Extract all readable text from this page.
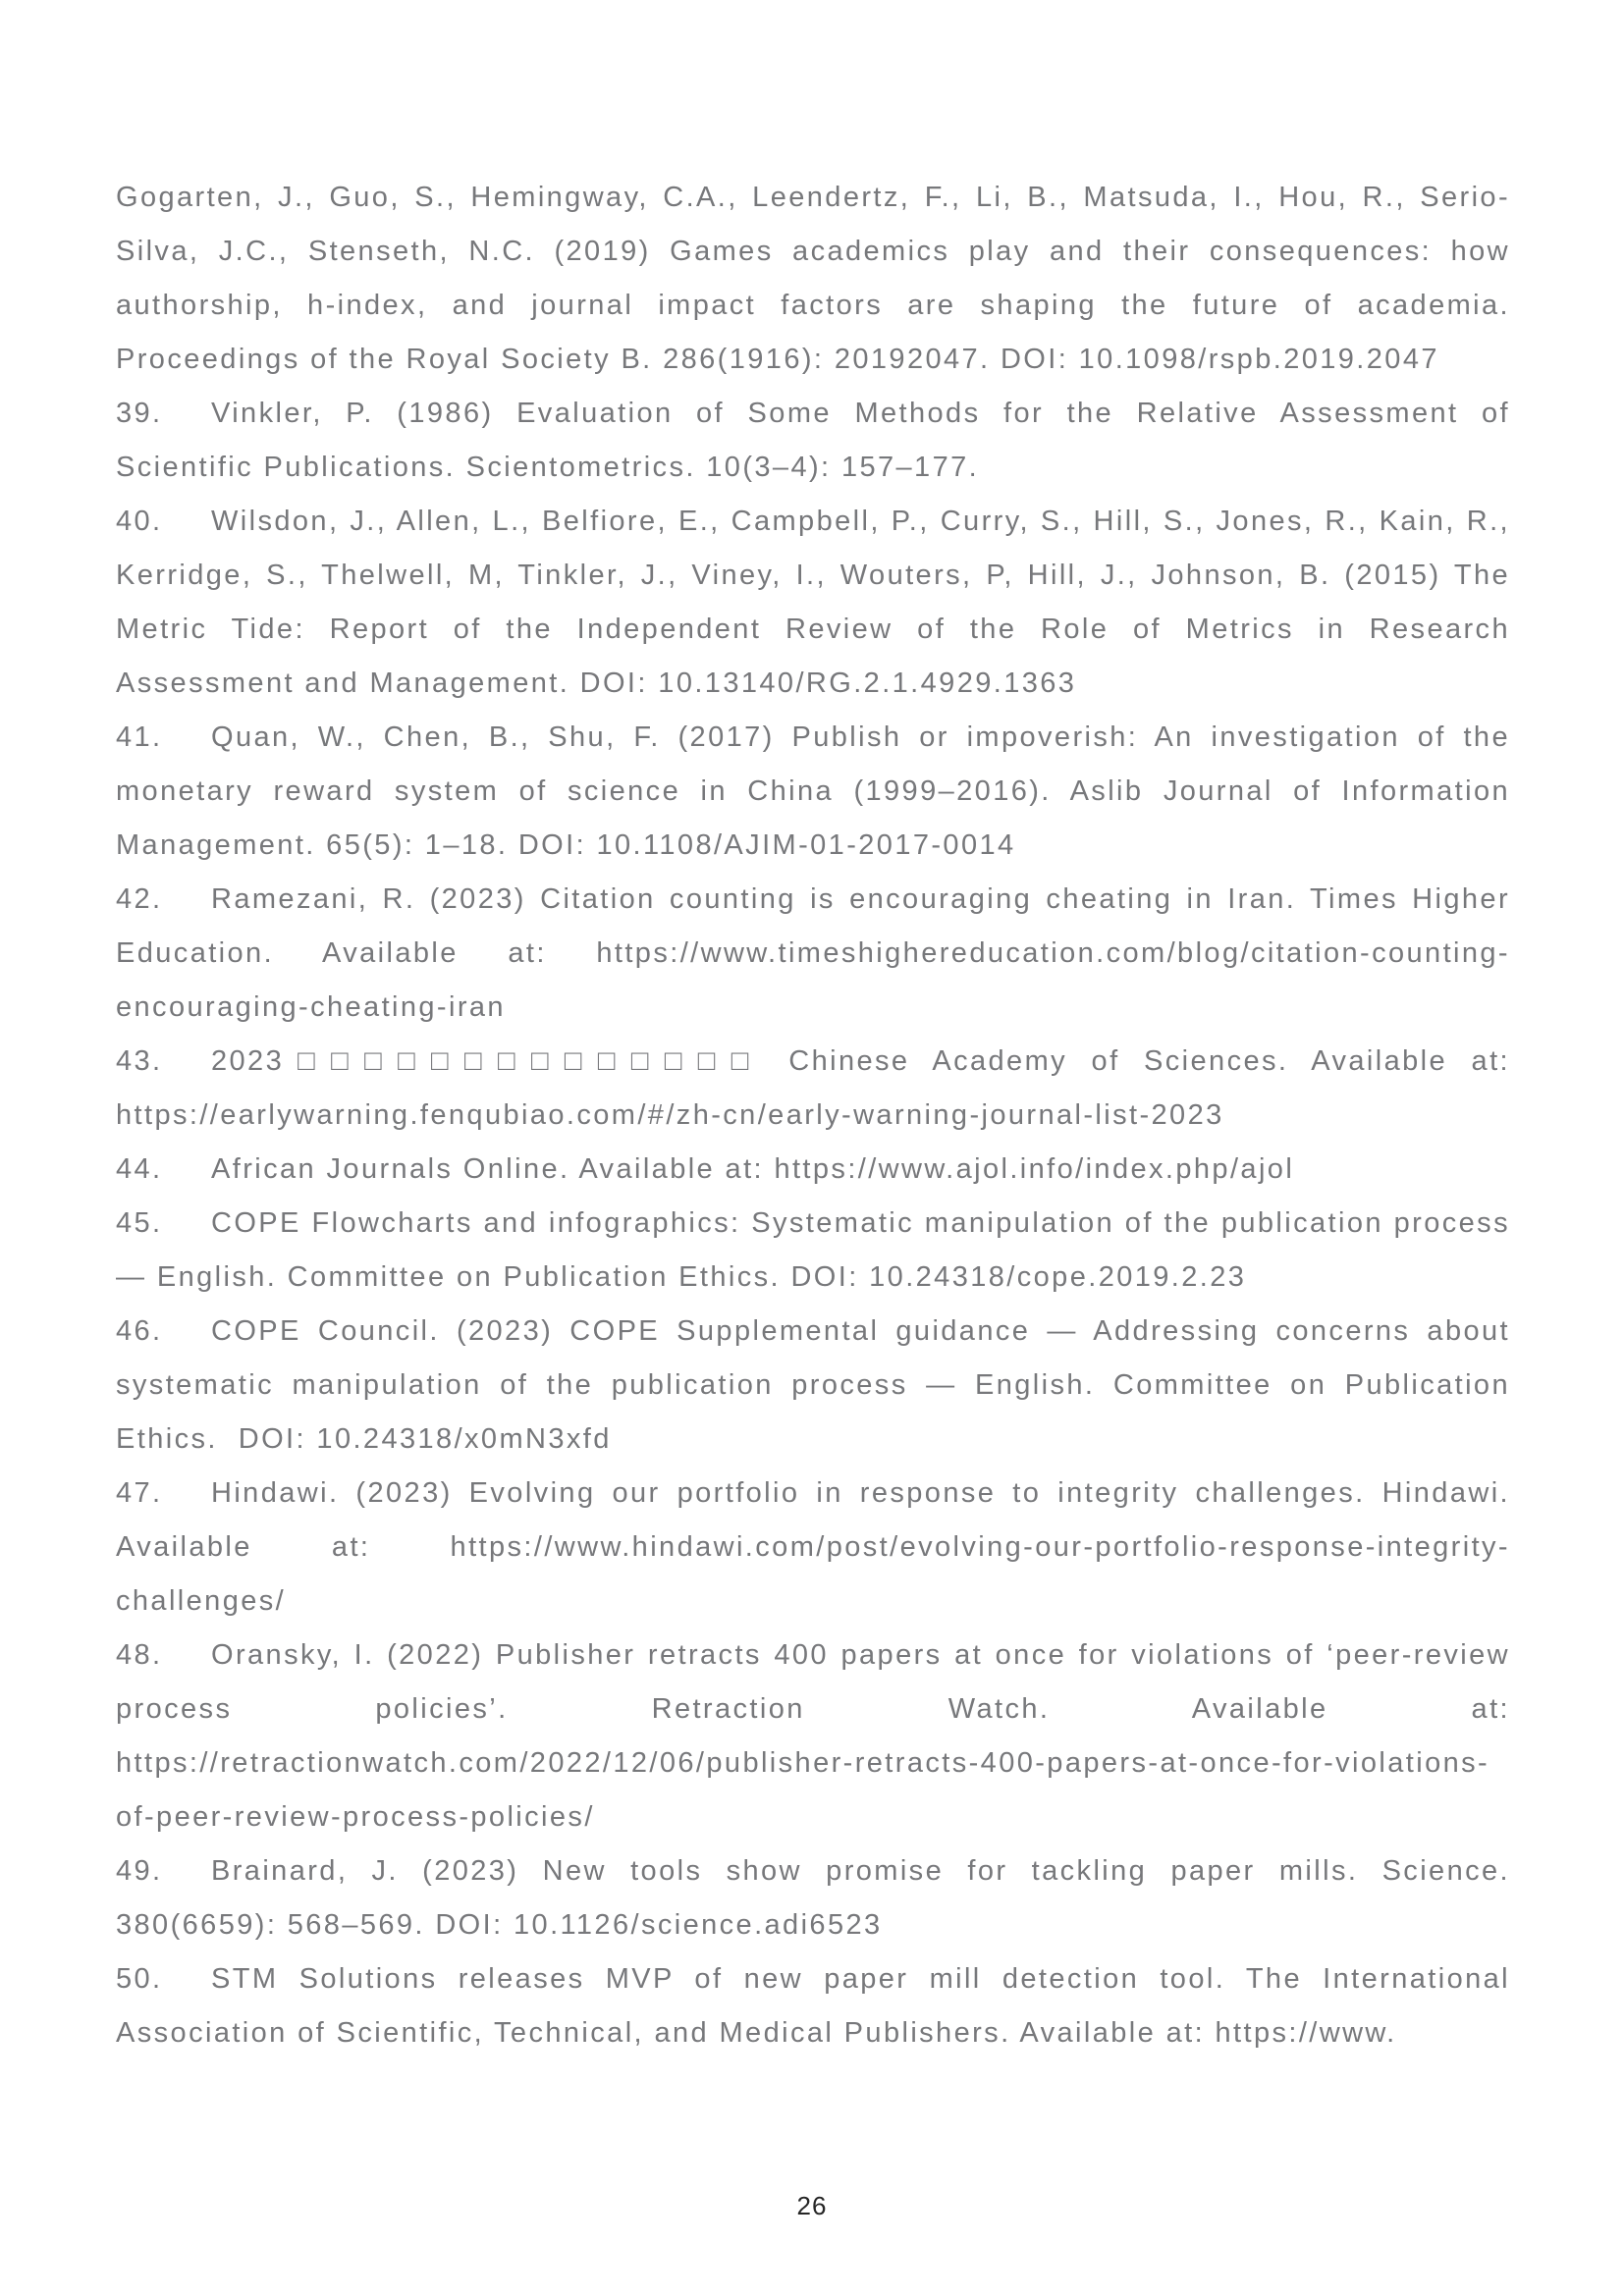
Gogarten, J., Guo, S., Hemingway, C.A., Leendertz, F., Li, B., Matsuda, I., Hou, R., Serio-Silva, J.C., Stenseth, N.C. (2019) Games academics play and their consequences: how authorship, h-index, and journal impact factors are shaping the future of academia. Proceedings of the Royal Society B. 286(1916): 20192047. DOI: 10.1098/rspb.2019.2047

39. Vinkler, P. (1986) Evaluation of Some Methods for the Relative Assessment of Scientific Publications. Scientometrics. 10(3–4): 157–177.

40. Wilsdon, J., Allen, L., Belfiore, E., Campbell, P., Curry, S., Hill, S., Jones, R., Kain, R., Kerridge, S., Thelwell, M, Tinkler, J., Viney, I., Wouters, P, Hill, J., Johnson, B. (2015) The Metric Tide: Report of the Independent Review of the Role of Metrics in Research Assessment and Management. DOI: 10.13140/RG.2.1.4929.1363

41. Quan, W., Chen, B., Shu, F. (2017) Publish or impoverish: An investigation of the monetary reward system of science in China (1999–2016). Aslib Journal of Information Management. 65(5): 1–18. DOI: 10.1108/AJIM-01-2017-0014

42. Ramezani, R. (2023) Citation counting is encouraging cheating in Iran. Times Higher Education. Available at: https://www.timeshighereducation.com/blog/citation-counting-encouraging-cheating-iran

43. 2023□□□□□□□□□□□□□□ Chinese Academy of Sciences. Available at: https://earlywarning.fenqubiao.com/#/zh-cn/early-warning-journal-list-2023

44. African Journals Online. Available at: https://www.ajol.info/index.php/ajol

45. COPE Flowcharts and infographics: Systematic manipulation of the publication process — English. Committee on Publication Ethics. DOI: 10.24318/cope.2019.2.23

46. COPE Council. (2023) COPE Supplemental guidance — Addressing concerns about systematic manipulation of the publication process — English. Committee on Publication Ethics.  DOI: 10.24318/x0mN3xfd

47. Hindawi. (2023) Evolving our portfolio in response to integrity challenges. Hindawi. Available at: https://www.hindawi.com/post/evolving-our-portfolio-response-integrity-challenges/

48. Oransky, I. (2022) Publisher retracts 400 papers at once for violations of ‘peer-review process policies’. Retraction Watch. Available at: https://retractionwatch.com/2022/12/06/publisher-retracts-400-papers-at-once-for-violations-of-peer-review-process-policies/

49. Brainard, J. (2023) New tools show promise for tackling paper mills. Science. 380(6659): 568–569. DOI: 10.1126/science.adi6523

50. STM Solutions releases MVP of new paper mill detection tool. The International Association of Scientific, Technical, and Medical Publishers. Available at: https://www.

26
